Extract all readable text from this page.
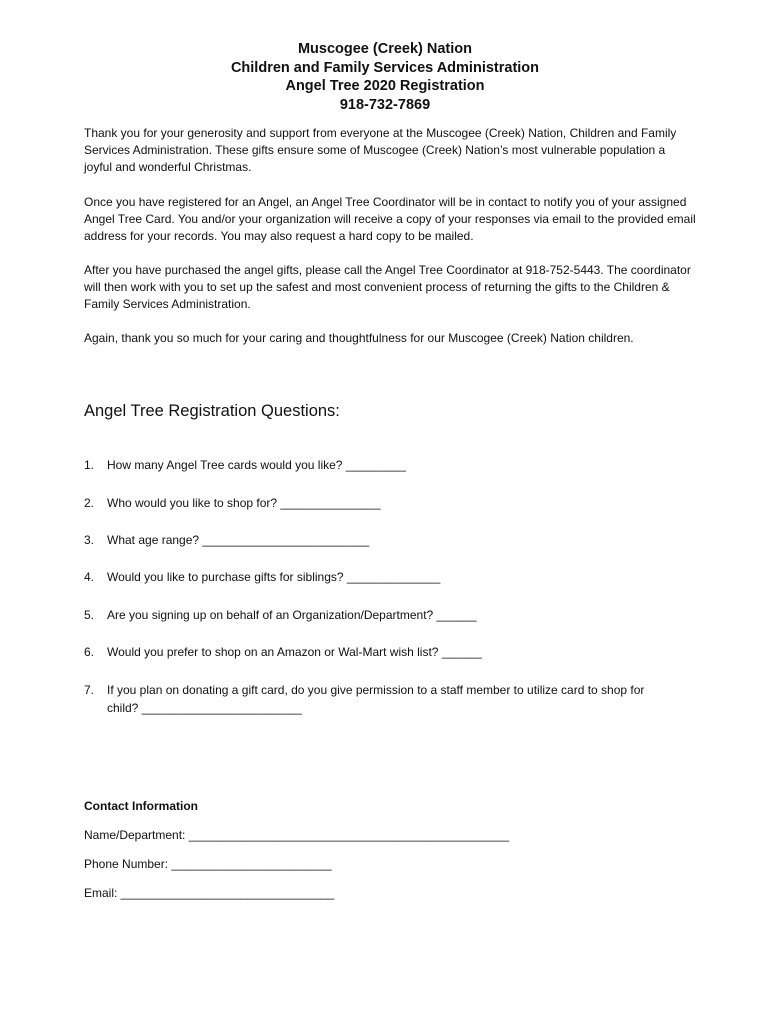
Muscogee (Creek) Nation
Children and Family Services Administration
Angel Tree 2020 Registration
918-732-7869

Thank you for your generosity and support from everyone at the Muscogee (Creek) Nation, Children and Family Services Administration. These gifts ensure some of Muscogee (Creek) Nation’s most vulnerable population a joyful and wonderful Christmas.

Once you have registered for an Angel, an Angel Tree Coordinator will be in contact to notify you of your assigned Angel Tree Card. You and/or your organization will receive a copy of your responses via email to the provided email address for your records. You may also request a hard copy to be mailed.

After you have purchased the angel gifts, please call the Angel Tree Coordinator at 918-752-5443. The coordinator will then work with you to set up the safest and most convenient process of returning the gifts to the Children & Family Services Administration.

Again, thank you so much for your caring and thoughtfulness for our Muscogee (Creek) Nation children.

Angel Tree Registration Questions:
1. How many Angel Tree cards would you like? _________
2. Who would you like to shop for? _______________
3. What age range? _________________________
4. Would you like to purchase gifts for siblings? ______________
5. Are you signing up on behalf of an Organization/Department? ______
6. Would you prefer to shop on an Amazon or Wal-Mart wish list? ______
7. If you plan on donating a gift card, do you give permission to a staff member to utilize card to shop for child? ________________________
Contact Information
Name/Department: ________________________________________________
Phone Number: ________________________
Email: ________________________________
